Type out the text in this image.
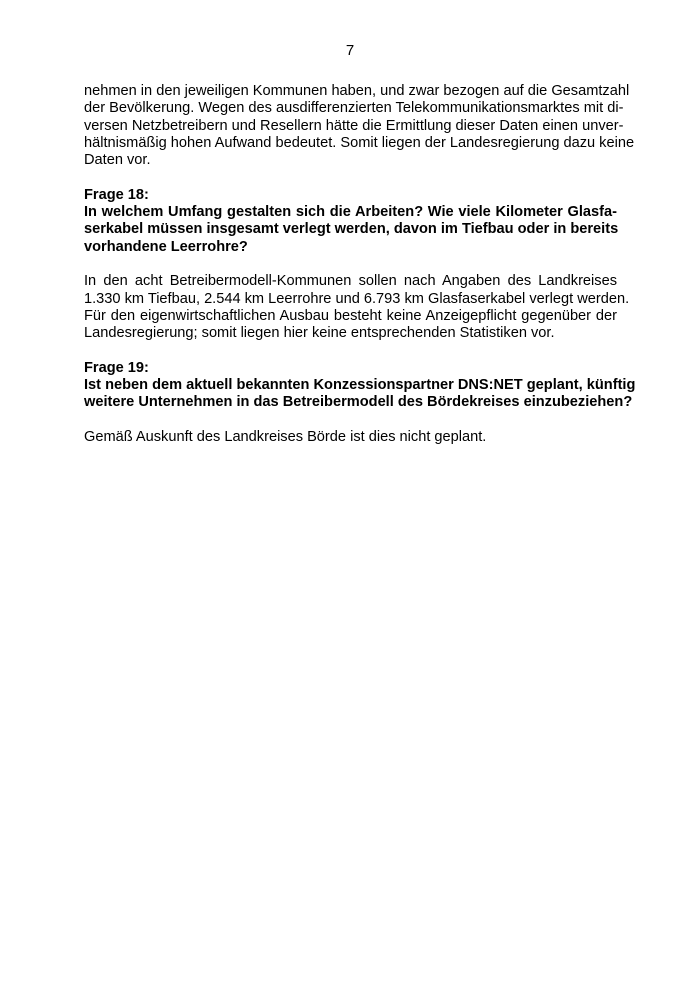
7
nehmen in den jeweiligen Kommunen haben, und zwar bezogen auf die Gesamtzahl
der Bevölkerung. Wegen des ausdifferenzierten Telekommunikationsmarktes mit di-
versen Netzbetreibern und Resellern hätte die Ermittlung dieser Daten einen unver-
hältnismäßig hohen Aufwand bedeutet. Somit liegen der Landesregierung dazu keine
Daten vor.
Frage 18:
In welchem Umfang gestalten sich die Arbeiten? Wie viele Kilometer Glasfa-
serkabel müssen insgesamt verlegt werden, davon im Tiefbau oder in bereits
vorhandene Leerrohre?
In den acht Betreibermodell-Kommunen sollen nach Angaben des Landkreises
1.330 km Tiefbau, 2.544 km Leerrohre und 6.793 km Glasfaserkabel verlegt werden.
Für den eigenwirtschaftlichen Ausbau besteht keine Anzeigepflicht gegenüber der
Landesregierung; somit liegen hier keine entsprechenden Statistiken vor.
Frage 19:
Ist neben dem aktuell bekannten Konzessionspartner DNS:NET geplant, künftig
weitere Unternehmen in das Betreibermodell des Bördekreises einzubeziehen?
Gemäß Auskunft des Landkreises Börde ist dies nicht geplant.
